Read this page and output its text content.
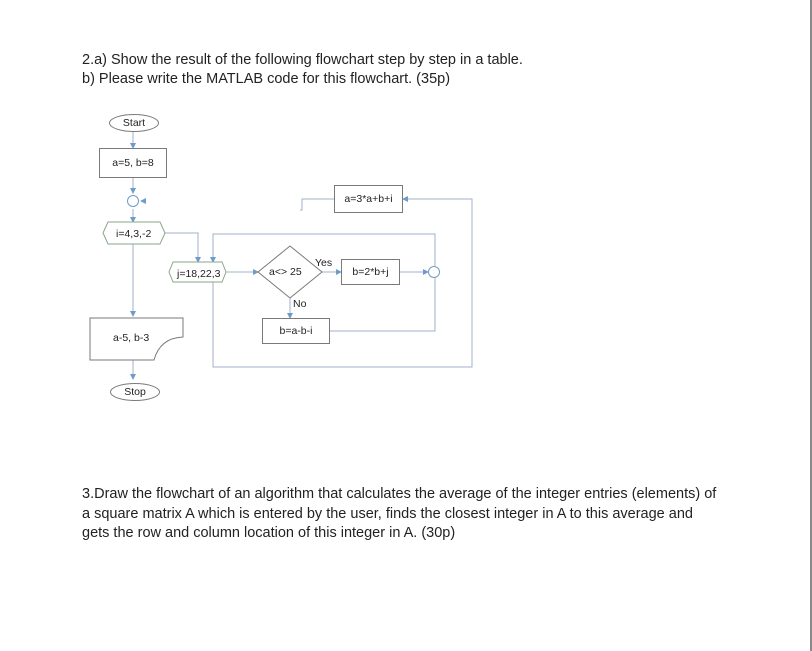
2.a) Show the result of the following flowchart step by step in a table.
b) Please write the MATLAB code for this flowchart. (35p)
Start
Stop
a=5, b=8
i=4,3,-2
j=18,22,3	a<> 25
Yes
No
b=2*b+j
b=a-b-i
a=3*a+b+i
a-5, b-3
3.Draw the flowchart of an algorithm that calculates the average of the integer entries (elements) of a square matrix A which is entered by the user, finds the closest integer in A to this average and gets the row and column location of this integer in A. (30p)
